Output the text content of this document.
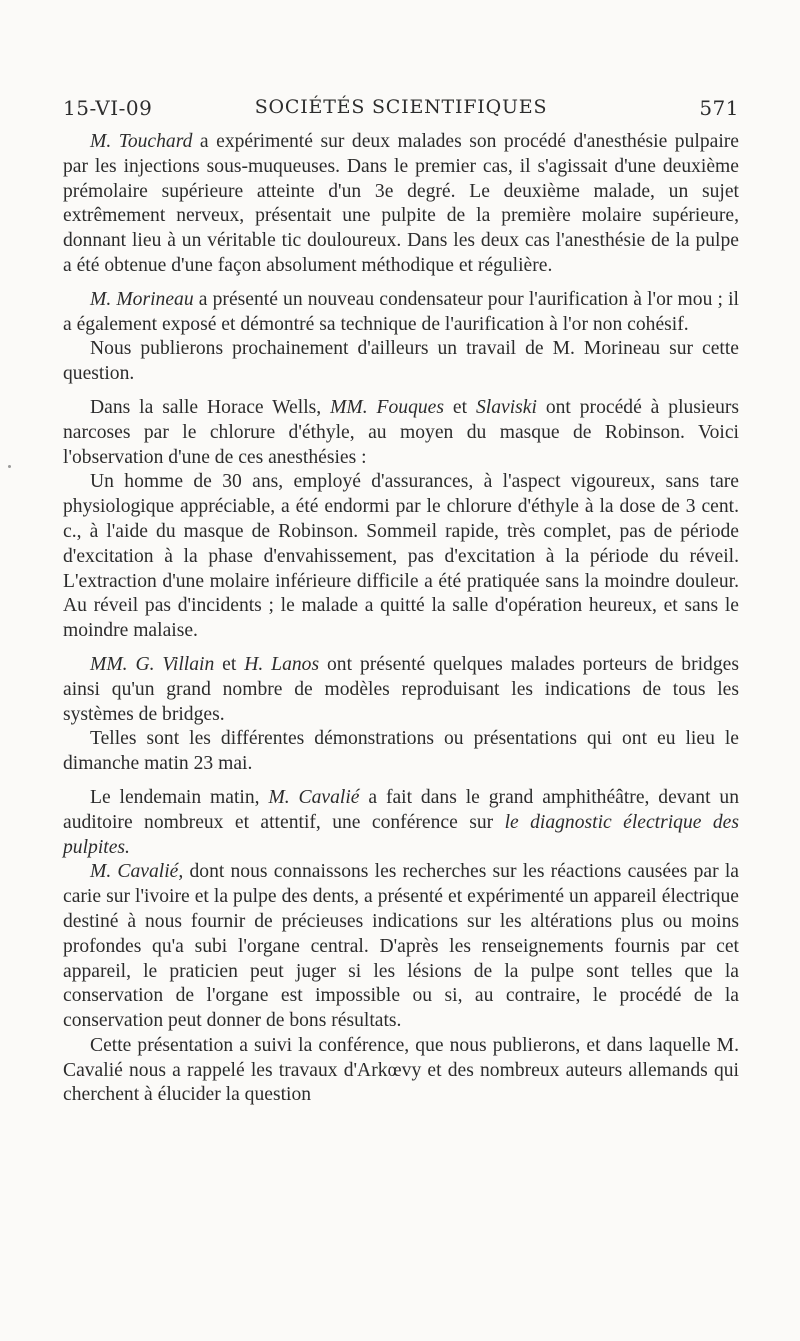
15-VI-09	SOCIÉTÉS SCIENTIFIQUES	571

M. Touchard a expérimenté sur deux malades son procédé d'anesthésie pulpaire par les injections sous-muqueuses. Dans le premier cas, il s'agissait d'une deuxième prémolaire supérieure atteinte d'un 3e degré. Le deuxième malade, un sujet extrêmement nerveux, présentait une pulpite de la première molaire supérieure, donnant lieu à un véritable tic douloureux. Dans les deux cas l'anesthésie de la pulpe a été obtenue d'une façon absolument méthodique et régulière.

M. Morineau a présenté un nouveau condensateur pour l'aurification à l'or mou ; il a également exposé et démontré sa technique de l'aurification à l'or non cohésif.

Nous publierons prochainement d'ailleurs un travail de M. Morineau sur cette question.

Dans la salle Horace Wells, MM. Fouques et Slaviski ont procédé à plusieurs narcoses par le chlorure d'éthyle, au moyen du masque de Robinson. Voici l'observation d'une de ces anesthésies :

Un homme de 30 ans, employé d'assurances, à l'aspect vigoureux, sans tare physiologique appréciable, a été endormi par le chlorure d'éthyle à la dose de 3 cent. c., à l'aide du masque de Robinson. Sommeil rapide, très complet, pas de période d'excitation à la phase d'envahissement, pas d'excitation à la période du réveil. L'extraction d'une molaire inférieure difficile a été pratiquée sans la moindre douleur. Au réveil pas d'incidents ; le malade a quitté la salle d'opération heureux, et sans le moindre malaise.

MM. G. Villain et H. Lanos ont présenté quelques malades porteurs de bridges ainsi qu'un grand nombre de modèles reproduisant les indications de tous les systèmes de bridges.

Telles sont les différentes démonstrations ou présentations qui ont eu lieu le dimanche matin 23 mai.

Le lendemain matin, M. Cavalié a fait dans le grand amphithéâtre, devant un auditoire nombreux et attentif, une conférence sur le diagnostic électrique des pulpites.

M. Cavalié, dont nous connaissons les recherches sur les réactions causées par la carie sur l'ivoire et la pulpe des dents, a présenté et expérimenté un appareil électrique destiné à nous fournir de précieuses indications sur les altérations plus ou moins profondes qu'a subi l'organe central. D'après les renseignements fournis par cet appareil, le praticien peut juger si les lésions de la pulpe sont telles que la conservation de l'organe est impossible ou si, au contraire, le procédé de la conservation peut donner de bons résultats.

Cette présentation a suivi la conférence, que nous publierons, et dans laquelle M. Cavalié nous a rappelé les travaux d'Arkœvy et des nombreux auteurs allemands qui cherchent à élucider la question
